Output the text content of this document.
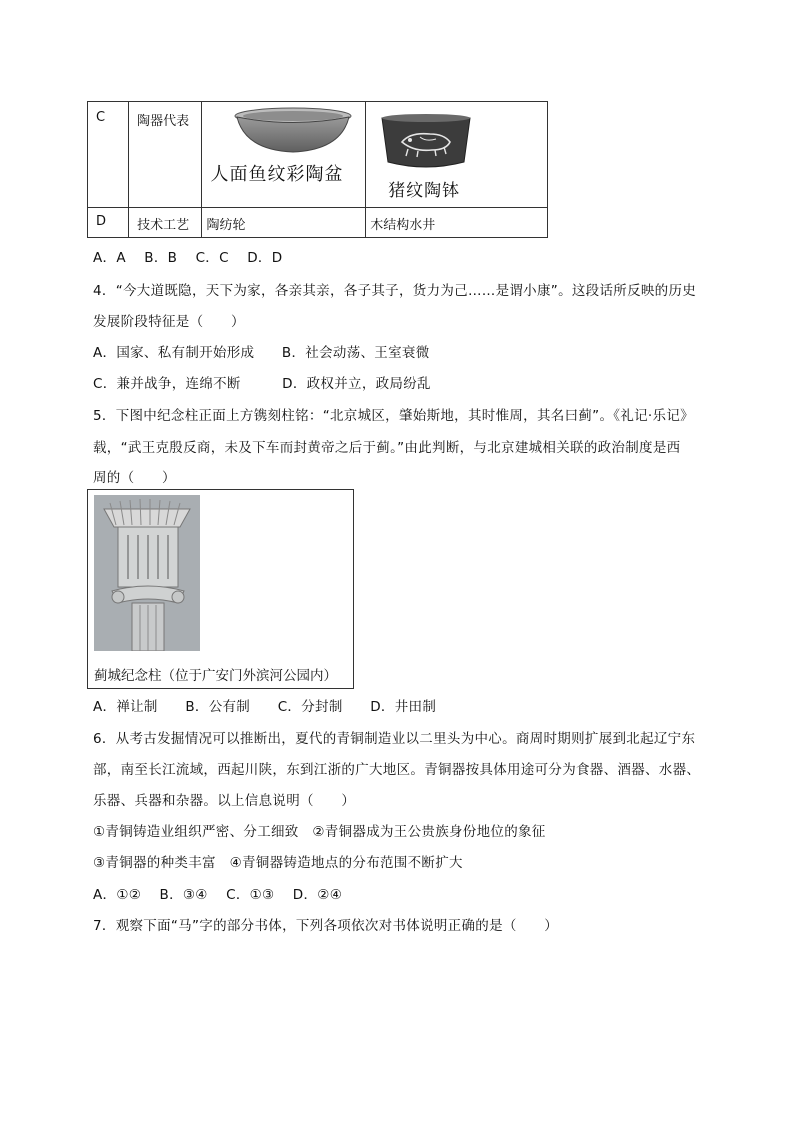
C	陶器代表	人面鱼纹彩陶盆	猪纹陶钵

D	技术工艺	陶纺轮	木结构水井
A．A　 B．B　 C．C　 D．D
4．“今大道既隐，天下为家，各亲其亲，各子其子，货力为己……是谓小康”。这段话所反映的历史
发展阶段特征是（　　）
A．国家、私有制开始形成　　B．社会动荡、王室衰微
C．兼并战争，连绵不断　　　D．政权并立，政局纷乱
5．下图中纪念柱正面上方镌刻柱铭：“北京城区，肇始斯地，其时惟周，其名曰蓟”。《礼记·乐记》
载，“武王克殷反商，未及下车而封黄帝之后于蓟。”由此判断，与北京建城相关联的政治制度是西
周的（　　）
蓟城纪念柱（位于广安门外滨河公园内）
A．禅让制　　B．公有制　　C．分封制　　D．井田制
6．从考古发掘情况可以推断出，夏代的青铜制造业以二里头为中心。商周时期则扩展到北起辽宁东
部，南至长江流域，西起川陕，东到江浙的广大地区。青铜器按具体用途可分为食器、酒器、水器、
乐器、兵器和杂器。以上信息说明（　　）
①青铜铸造业组织严密、分工细致　②青铜器成为王公贵族身份地位的象征
③青铜器的种类丰富　④青铜器铸造地点的分布范围不断扩大
A．①②　 B．③④　 C．①③　 D．②④
7．观察下面“马”字的部分书体，下列各项依次对书体说明正确的是（　　）
